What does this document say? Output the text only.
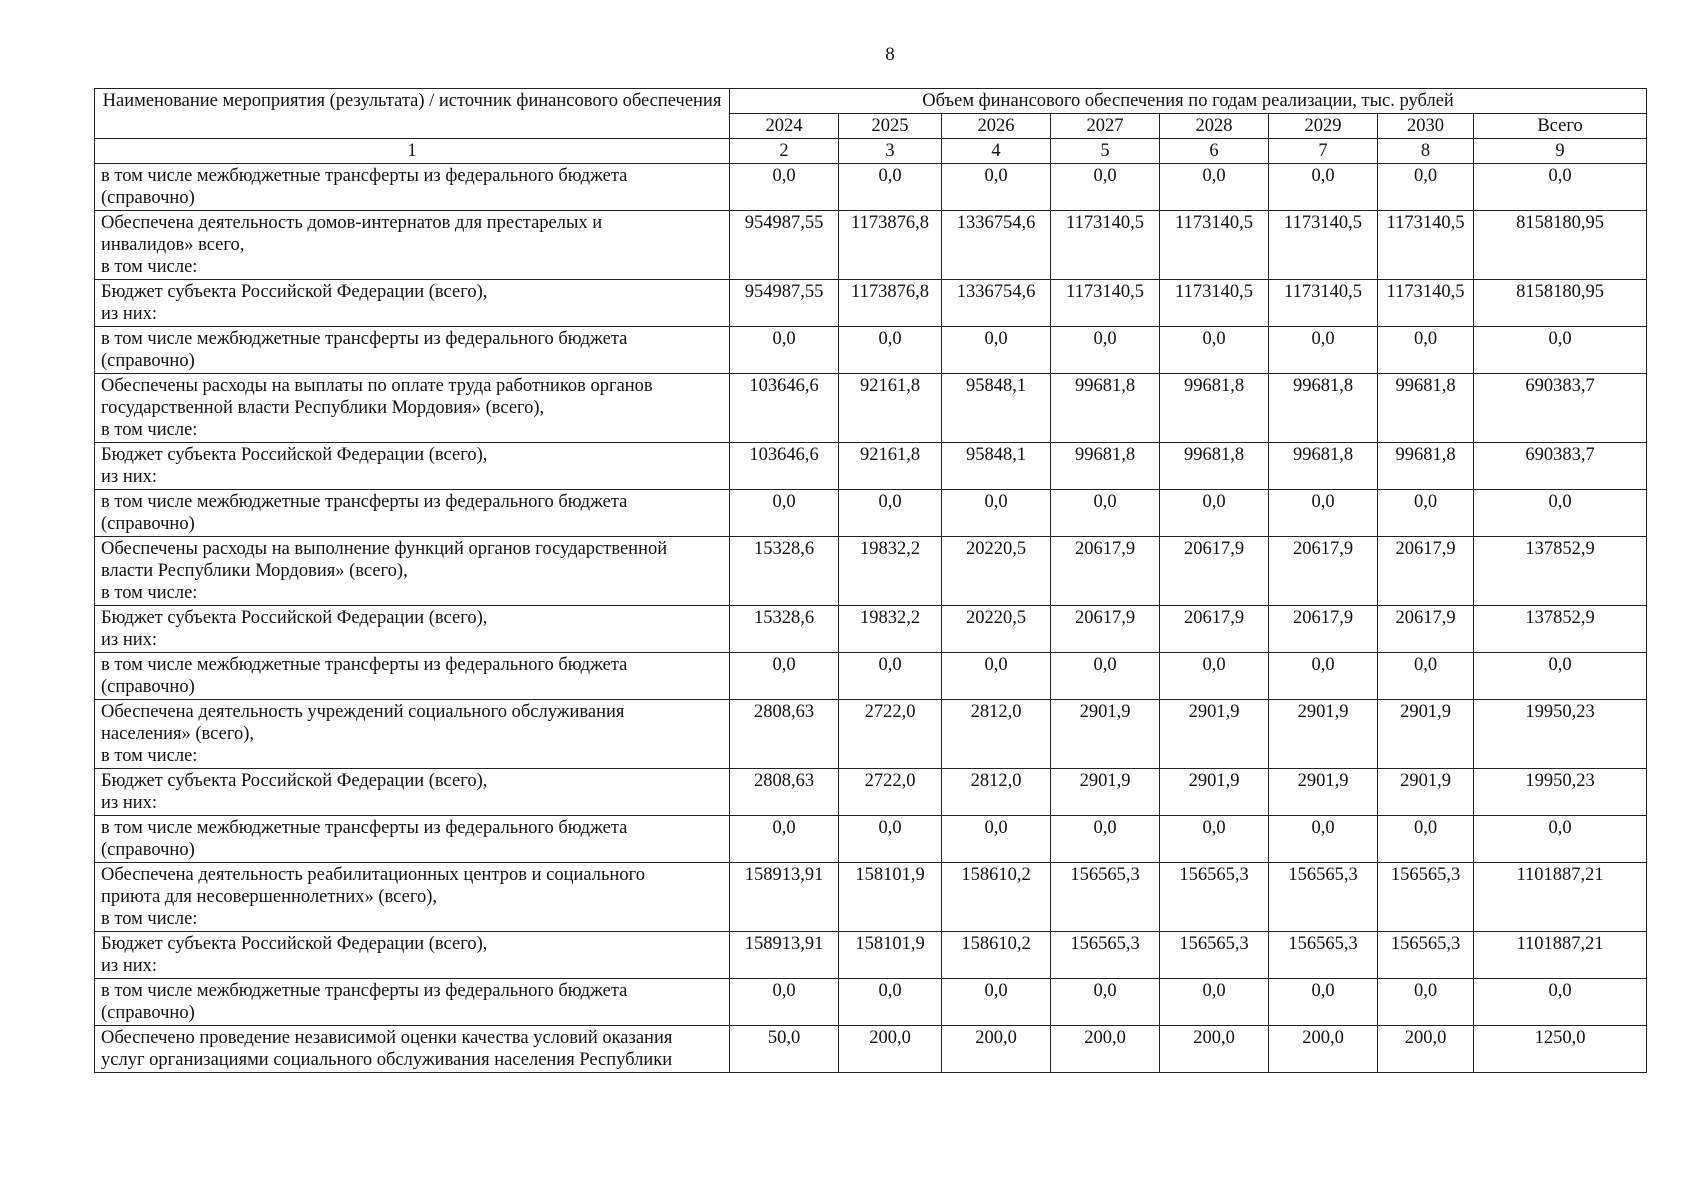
8
Наименование мероприятия (результата) / источник финансового обеспечения	Объем финансового обеспечения по годам реализации, тыс. рублей							
	2024	2025	2026	2027	2028	2029	2030	Всего
1	2	3	4	5	6	7	8	9

в том числе межбюджетные трансферты из федерального бюджета
(справочно)	0,0	0,0	0,0	0,0	0,0	0,0	0,0	0,0

Обеспечена деятельность домов-интернатов для престарелых и
инвалидов» всего,
в том числе:	954987,55	1173876,8	1336754,6	1173140,5	1173140,5	1173140,5	1173140,5	8158180,95

Бюджет субъекта Российской Федерации (всего),
из них:	954987,55	1173876,8	1336754,6	1173140,5	1173140,5	1173140,5	1173140,5	8158180,95

в том числе межбюджетные трансферты из федерального бюджета
(справочно)	0,0	0,0	0,0	0,0	0,0	0,0	0,0	0,0

Обеспечены расходы на выплаты по оплате труда работников органов
государственной власти Республики Мордовия» (всего),
в том числе:	103646,6	92161,8	95848,1	99681,8	99681,8	99681,8	99681,8	690383,7

Бюджет субъекта Российской Федерации (всего),
из них:	103646,6	92161,8	95848,1	99681,8	99681,8	99681,8	99681,8	690383,7

в том числе межбюджетные трансферты из федерального бюджета
(справочно)	0,0	0,0	0,0	0,0	0,0	0,0	0,0	0,0

Обеспечены расходы на выполнение функций органов государственной
власти Республики Мордовия» (всего),
в том числе:	15328,6	19832,2	20220,5	20617,9	20617,9	20617,9	20617,9	137852,9

Бюджет субъекта Российской Федерации (всего),
из них:	15328,6	19832,2	20220,5	20617,9	20617,9	20617,9	20617,9	137852,9

в том числе межбюджетные трансферты из федерального бюджета
(справочно)	0,0	0,0	0,0	0,0	0,0	0,0	0,0	0,0

Обеспечена деятельность учреждений социального обслуживания
населения» (всего),
в том числе:	2808,63	2722,0	2812,0	2901,9	2901,9	2901,9	2901,9	19950,23

Бюджет субъекта Российской Федерации (всего),
из них:	2808,63	2722,0	2812,0	2901,9	2901,9	2901,9	2901,9	19950,23

в том числе межбюджетные трансферты из федерального бюджета
(справочно)	0,0	0,0	0,0	0,0	0,0	0,0	0,0	0,0

Обеспечена деятельность реабилитационных центров и социального
приюта для несовершеннолетних» (всего),
в том числе:	158913,91	158101,9	158610,2	156565,3	156565,3	156565,3	156565,3	1101887,21

Бюджет субъекта Российской Федерации (всего),
из них:	158913,91	158101,9	158610,2	156565,3	156565,3	156565,3	156565,3	1101887,21

в том числе межбюджетные трансферты из федерального бюджета
(справочно)	0,0	0,0	0,0	0,0	0,0	0,0	0,0	0,0

Обеспечено проведение независимой оценки качества условий оказания
услуг организациями социального обслуживания населения Республики	50,0	200,0	200,0	200,0	200,0	200,0	200,0	1250,0
